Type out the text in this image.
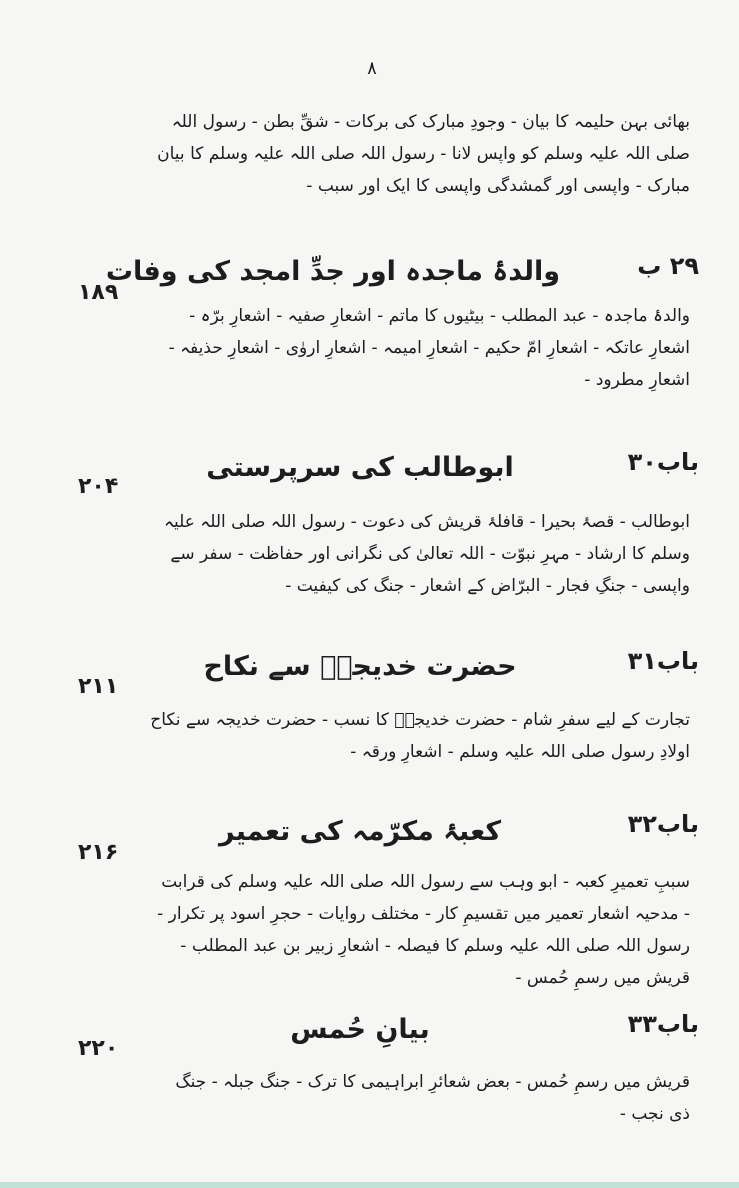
۸

بھائی بہن حلیمہ کا بیان - وجودِ مبارک کی برکات - شقِّ بطن - رسول اللہ صلی اللہ علیہ وسلم کو واپس لانا - رسول اللہ صلی اللہ علیہ وسلم کا بیان مبارک - واپسی اور گمشدگی واپسی کا ایک اور سبب -

۲۹ ب
والدۂ ماجدہ اور جدِّ امجد کی وفات
۱۸۹

والدۂ ماجدہ - عبد المطلب - بیٹیوں کا ماتم - اشعارِ صفیہ - اشعارِ برّہ - اشعارِ عاتکہ - اشعارِ امّ حکیم - اشعارِ امیمہ - اشعارِ اروٰی - اشعارِ حذیفہ - اشعارِ مطرود -

باب۳۰
ابوطالب کی سرپرستی
۲۰۴

ابوطالب - قصۂ بحیرا - قافلۂ قریش کی دعوت - رسول اللہ صلی اللہ علیہ وسلم کا ارشاد - مہرِ نبوّت - اللہ تعالیٰ کی نگرانی اور حفاظت - سفر سے واپسی - جنگِ فجار - البرّاض کے اشعار - جنگ کی کیفیت -

باب۳۱
حضرت خدیجہؓ سے نکاح
۲۱۱

تجارت کے لیے سفرِ شام - حضرت خدیجہؓ کا نسب - حضرت خدیجہ سے نکاح اولادِ رسول صلی اللہ علیہ وسلم - اشعارِ ورقہ -

باب۳۲
کعبۂ مکرّمہ کی تعمیر
۲۱۶

سببِ تعمیرِ کعبہ - ابو وہب سے رسول اللہ صلی اللہ علیہ وسلم کی قرابت - مدحیہ اشعار تعمیر میں تقسیمِ کار - مختلف روایات - حجرِ اسود پر تکرار - رسول اللہ صلی اللہ علیہ وسلم کا فیصلہ - اشعارِ زبیر بن عبد المطلب - قریش میں رسمِ حُمس -

باب۳۳
بیانِ حُمس
۲۲۰

قریش میں رسمِ حُمس - بعض شعائرِ ابراہیمی کا ترک - جنگ جبلہ - جنگ ذی نجب -
